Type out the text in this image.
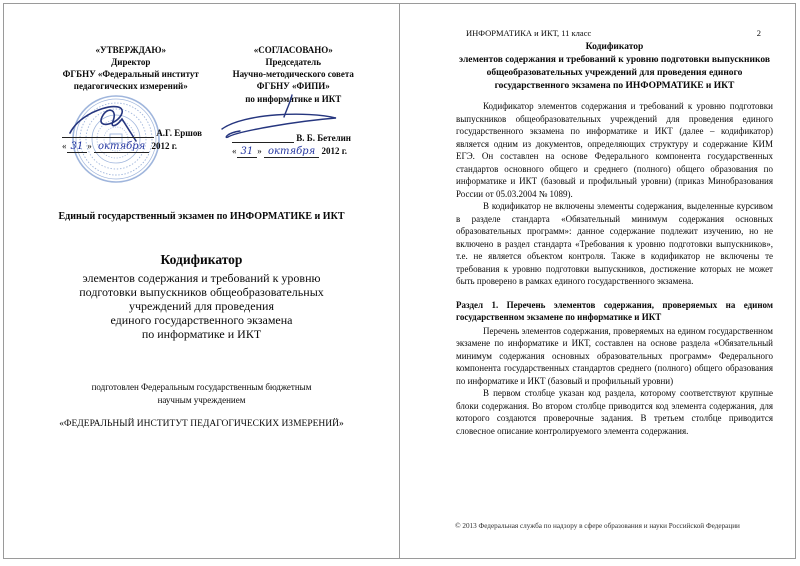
«УТВЕРЖДАЮ»
Директор
ФГБНУ «Федеральный институт
педагогических измерений»
«СОГЛАСОВАНО»
Председатель
Научно-методического совета
ФГБНУ «ФИПИ»
по информатике и ИКТ
А.Г. Ершов
« 31 » октября 2012 г.
В. Б. Бетелин
« 31 » октября 2012 г.
Единый государственный экзамен по ИНФОРМАТИКЕ и ИКТ
Кодификатор
элементов содержания и требований к уровню
подготовки выпускников общеобразовательных
учреждений для проведения
единого государственного экзамена
по информатике и ИКТ
подготовлен Федеральным государственным бюджетным
научным учреждением
«ФЕДЕРАЛЬНЫЙ ИНСТИТУТ ПЕДАГОГИЧЕСКИХ ИЗМЕРЕНИЙ»
ИНФОРМАТИКА и ИКТ, 11 класс	2
Кодификатор
элементов содержания и требований к уровню подготовки выпускников
общеобразовательных учреждений для проведения единого
государственного экзамена по ИНФОРМАТИКЕ и ИКТ

Кодификатор элементов содержания и требований к уровню подготовки выпускников общеобразовательных учреждений для проведения единого государственного экзамена по информатике и ИКТ (далее – кодификатор) является одним из документов, определяющих структуру и содержание КИМ ЕГЭ. Он составлен на основе Федерального компонента государственных стандартов основного общего и среднего (полного) общего образования по информатике и ИКТ (базовый и профильный уровни) (приказ Минобразования России от 05.03.2004 № 1089).

В кодификатор не включены элементы содержания, выделенные курсивом в разделе стандарта «Обязательный минимум содержания основных образовательных программ»: данное содержание подлежит изучению, но не включено в раздел стандарта «Требования к уровню подготовки выпускников», т.е. не является объектом контроля. Также в кодификатор не включены те требования к уровню подготовки выпускников, достижение которых не может быть проверено в рамках единого государственного экзамена.

Раздел 1. Перечень элементов содержания, проверяемых на едином государственном экзамене по информатике и ИКТ

Перечень элементов содержания, проверяемых на едином государственном экзамене по информатике и ИКТ, составлен на основе раздела «Обязательный минимум содержания основных образовательных программ» Федерального компонента государственных стандартов среднего (полного) общего образования по информатике и ИКТ (базовый и профильный уровни)

В первом столбце указан код раздела, которому соответствуют крупные блоки содержания. Во втором столбце приводится код элемента содержания, для которого создаются проверочные задания. В третьем столбце приводится словесное описание контролируемого элемента содержания.

© 2013 Федеральная служба по надзору в сфере образования и науки Российской Федерации
